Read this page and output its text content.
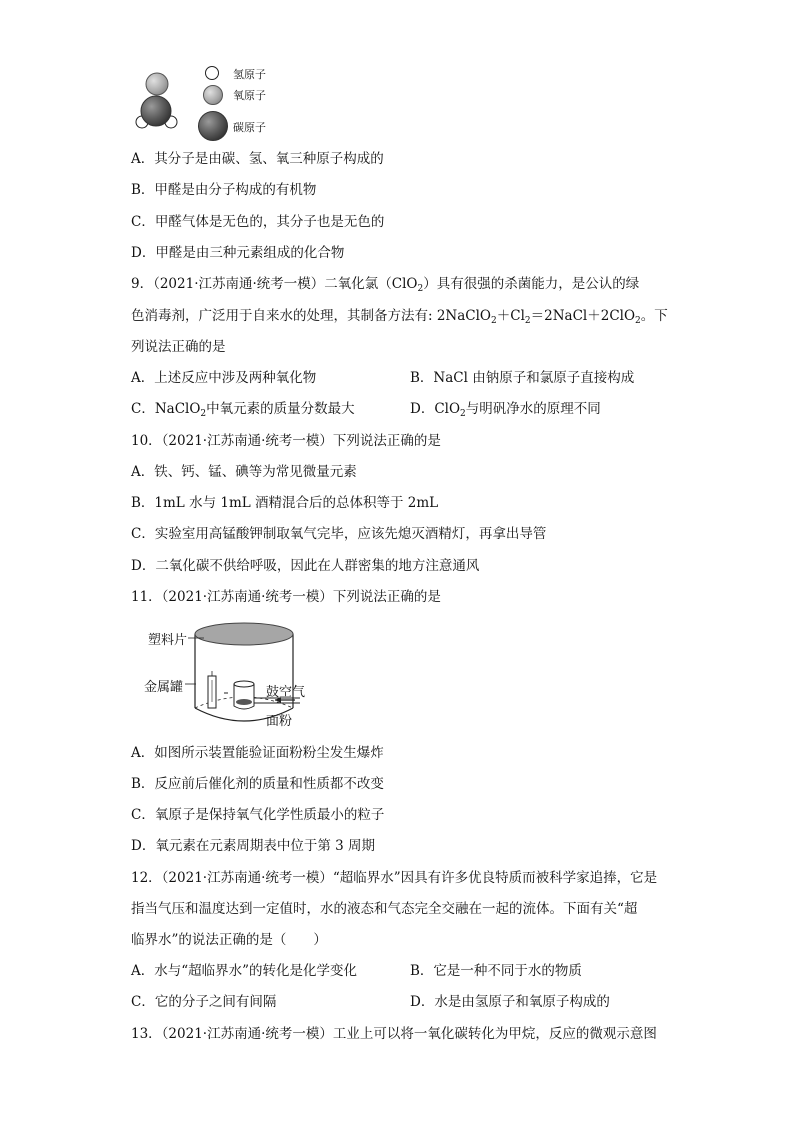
氢原子
氧原子
碳原子
A．其分子是由碳、氢、氧三种原子构成的
B．甲醛是由分子构成的有机物
C．甲醛气体是无色的，其分子也是无色的
D．甲醛是由三种元素组成的化合物
9．（2021·江苏南通·统考一模）二氧化氯（ClO$_2$）具有很强的杀菌能力，是公认的绿
色消毒剂，广泛用于自来水的处理，其制备方法有: $2NaClO_2+Cl_2=2NaCl+2ClO_2$。下
列说法正确的是
A．上述反应中涉及两种氧化物	B．NaCl 由钠原子和氯原子直接构成
C．NaClO$_2$中氧元素的质量分数最大	D．ClO$_2$与明矾净水的原理不同
10．（2021·江苏南通·统考一模）下列说法正确的是
A．铁、钙、锰、碘等为常见微量元素
B．1mL 水与 1mL 酒精混合后的总体积等于 2mL
C．实验室用高锰酸钾制取氧气完毕，应该先熄灭酒精灯，再拿出导管
D．二氧化碳不供给呼吸，因此在人群密集的地方注意通风
11．（2021·江苏南通·统考一模）下列说法正确的是
塑料片
金属罐	鼓空气
面粉
A．如图所示装置能验证面粉粉尘发生爆炸
B．反应前后催化剂的质量和性质都不改变
C．氧原子是保持氧气化学性质最小的粒子
D．氧元素在元素周期表中位于第 3 周期
12．（2021·江苏南通·统考一模）“超临界水”因具有许多优良特质而被科学家追捧，它是
指当气压和温度达到一定值时，水的液态和气态完全交融在一起的流体。下面有关“超
临界水”的说法正确的是（　　）
A．水与“超临界水”的转化是化学变化	B．它是一种不同于水的物质
C．它的分子之间有间隔	D．水是由氢原子和氧原子构成的
13．（2021·江苏南通·统考一模）工业上可以将一氧化碳转化为甲烷，反应的微观示意图
